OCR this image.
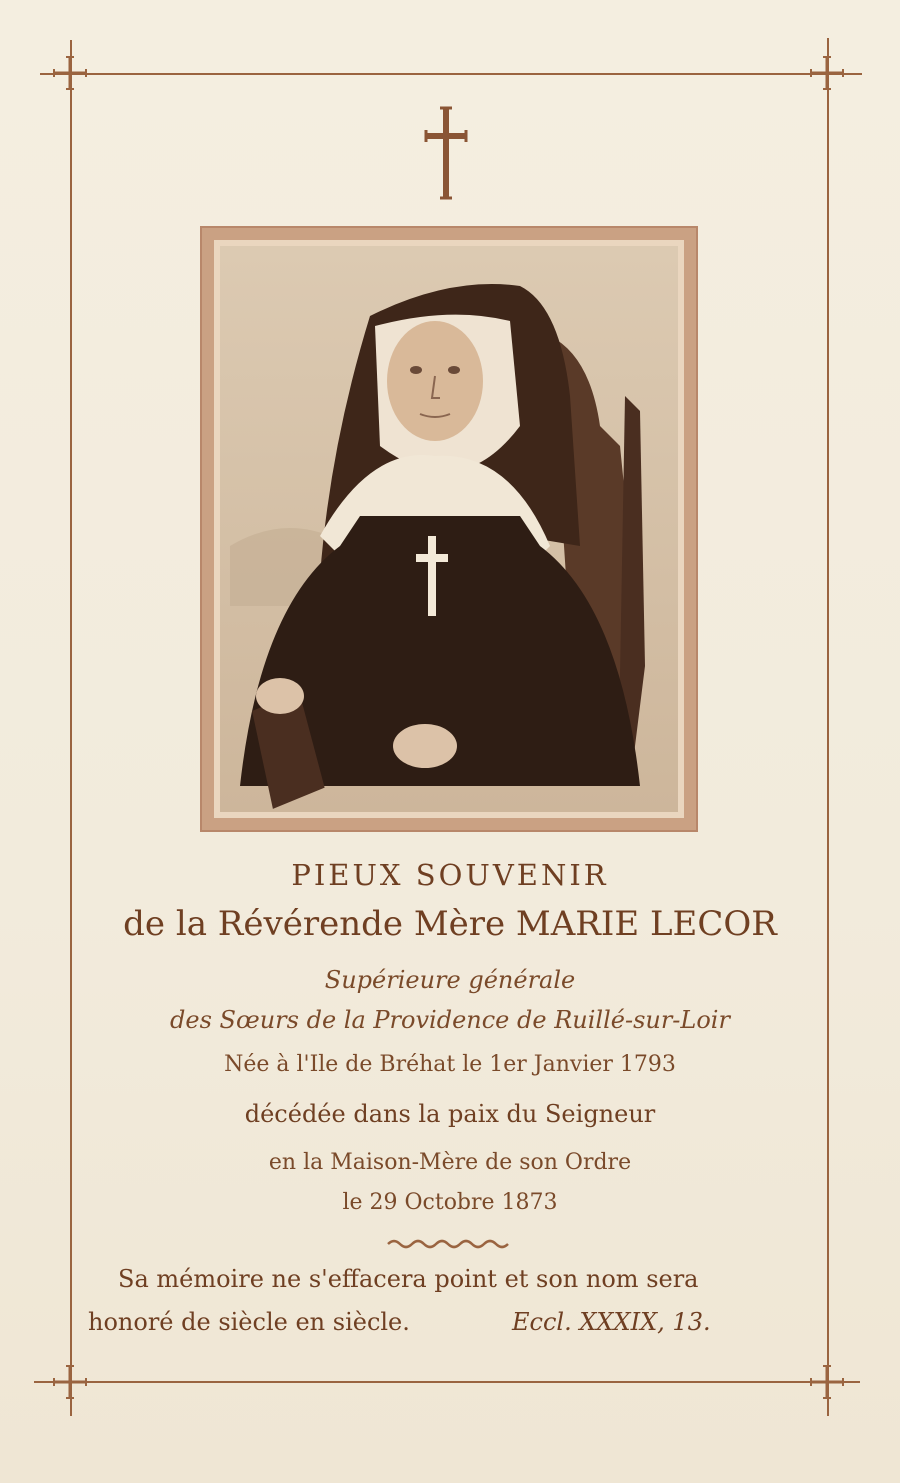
PIEUX SOUVENIR
de la Révérende Mère MARIE LECOR
Supérieure générale
des Sœurs de la Providence de Ruillé-sur-Loir
Née à l'Ile de Bréhat le 1er Janvier 1793
décédée dans la paix du Seigneur
en la Maison-Mère de son Ordre
le 29 Octobre 1873
Sa mémoire ne s'effacera point et son nom sera
honoré de siècle en siècle.	Eccl. XXXIX, 13.
